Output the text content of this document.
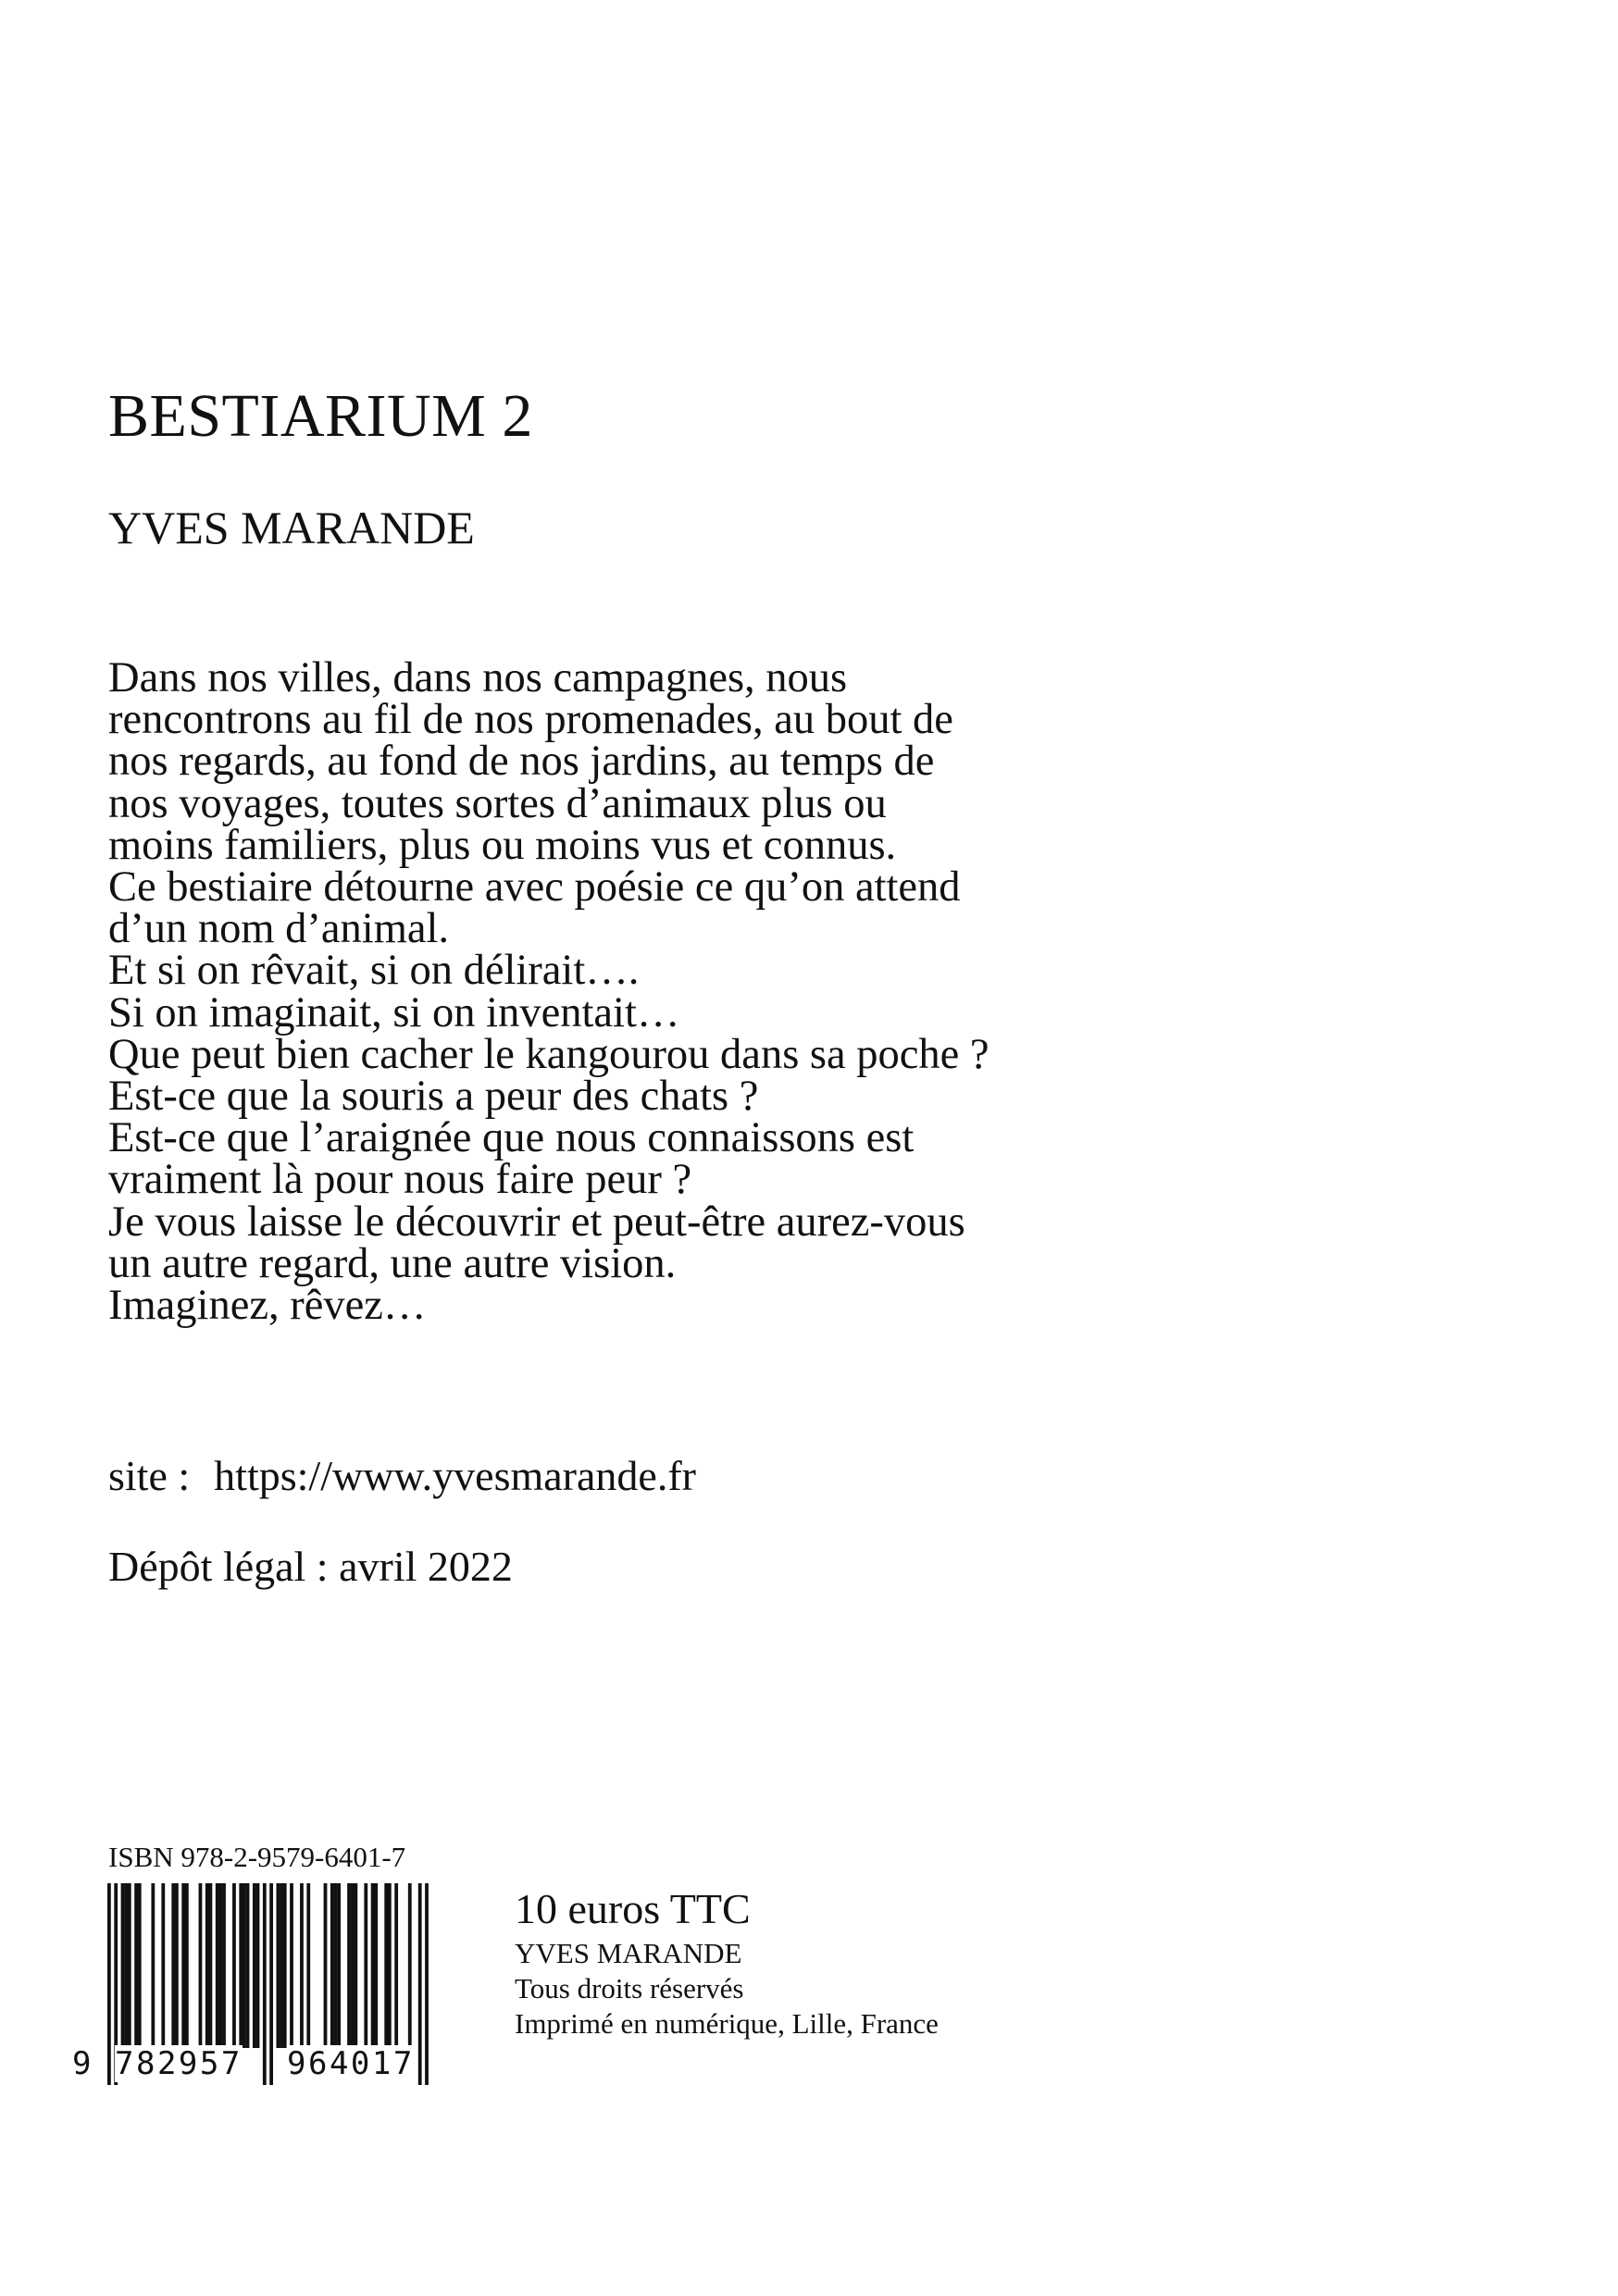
BESTIARIUM 2
YVES MARANDE
Dans nos villes, dans nos campagnes, nous
rencontrons au fil de nos promenades, au bout de
nos regards, au fond de nos jardins, au temps de
nos voyages, toutes sortes d’animaux plus ou
moins familiers, plus ou moins vus et connus.
Ce bestiaire détourne avec poésie ce qu’on attend
d’un nom d’animal.
Et si on rêvait, si on délirait….
Si on imaginait, si on inventait…
Que peut bien cacher le kangourou dans sa poche ?
Est-ce que la souris a peur des chats ?
Est-ce que l’araignée que nous connaissons est
vraiment là pour nous faire peur ?
Je vous laisse le découvrir et peut-être aurez-vous
un autre regard, une autre vision.
Imaginez, rêvez…
site : https://www.yvesmarande.fr
Dépôt légal : avril 2022
ISBN 978-2-9579-6401-7
9 782957 964017
10 euros TTC
YVES MARANDE
Tous droits réservés
Imprimé en numérique, Lille, France
